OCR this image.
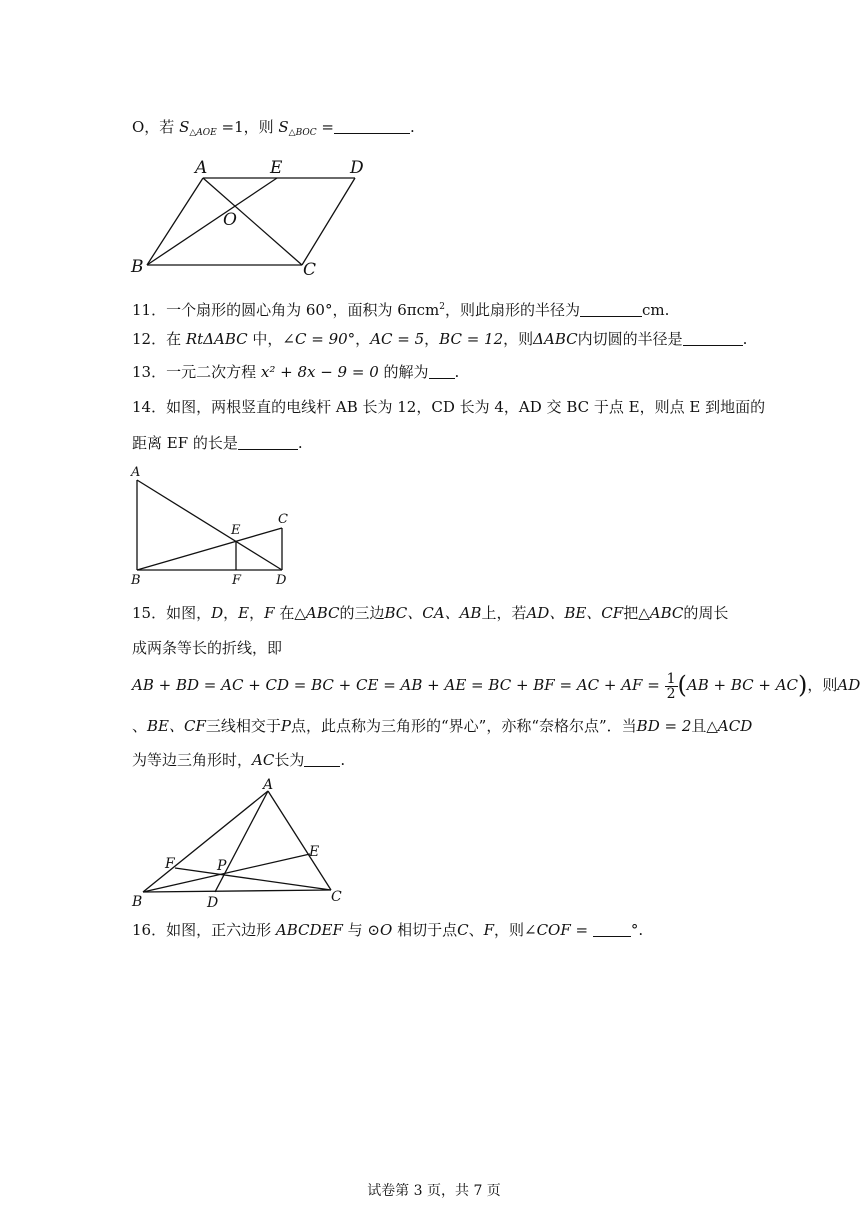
O，若 $S_{\triangle AOE} =1$，则 $S_{\triangle BOC}$ =	.
A	E	D
O
B	C
11．一个扇形的圆心角为 60°，面积为 6πcm$^2$，则此扇形的半径为	cm.
12．在 RtΔABC 中，∠C = 90°，AC = 5，BC = 12，则ΔABC内切圆的半径是	.
13．一元二次方程 x² + 8x − 9 = 0 的解为 .
14．如图，两根竖直的电线杆 AB 长为 12，CD 长为 4，AD 交 BC 于点 E，则点 E 到地面的
距离 EF 的长是	.
A
E
C
B	F	D
15．如图，D，E，F 在△ABC的三边BC、CA、AB上，若AD、BE、CF把△ABC的周长
成两条等长的折线，即
AB + BD = AC + CD = BC + CE = AB + AE = BC + BF = AC + AF = $\frac{1}{2} (AB$ + BC + AC)，则AD
、BE、CF三线相交于P点，此点称为三角形的“界心”，亦称“奈格尔点”．当BD = 2且△ACD
为等边三角形时，AC长为 .
A
E
F	P
B	D	C
16．如图，正六边形 ABCDEF 与 ⊙O 相切于点C、F，则∠COF =	°.
试卷第 3 页，共 7 页
